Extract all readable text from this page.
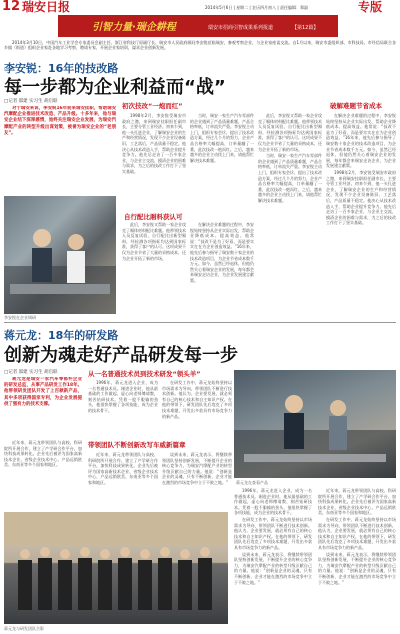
12 瑞安日报	2014年5月6日 | 星期二 | 农历四月初八 | 责任编辑：郑淑	专版
引智力量·瑞企耕程	瑞安市招商引智成果系列报道	【第12篇】

2014年3月10日，中国汽车工业学会专家委员会副主任、浙江省科技厅原副厅长、瑞安市人民政府顾问李安锐莅临瑞安，参观考察企业，与企业家座谈交流。自1月以来，瑞安市委组织部、市科技局、市经信局联合各乡镇（街道）组织企业家赴各地学习考察，聘请专家，开展企业家培训，谋求企业创新发展。

李安锐：16年的技改路
每一步都为企业利益而“战”
□记者 邵建 实习生 胡启联

对于瑞安来说，李安锐16年前来瑞安挂职，帮助瑞安汽摩配企业推进技术改造、产品升级。十多年来，他与瑞安企业结下深厚感情，始终关注瑞安企业发展，为瑞安汽摩配产业的转型升级出谋划策，被誉为瑞安企业的“老朋友”。

李安锐在企业调研
初次技改“一炮而红”	破解难题节省成本
自行配比厢料获认可

1998年2月，李安锐受瑞安市政府之邀，来到瑞安挂职担任副市长，主要分管工业经济。初来乍到，他一头扎进企业，了解瑞安企业的生产和经营情况，发现不少企业设备陈旧，工艺落后，产品质量不稳定。他决心从技术改造入手，帮助企业提升竞争力。他先后走访了一百多家企业，与企业主交流，摸清企业的困难与需求，为之后的技改工作打下了坚实基础。

当时，瑞安一家生产汽车零部件的企业遇到了产品质量难题，产品合格率低，订单流失严重。李安锐主动上门，组织专家会诊，提出了技术改造方案，经过几个月的努力，企业产品合格率大幅提高，订单量翻了一番，此次技改一炮而红。之后，越来越多的企业主动找上门来，请他帮忙解决技术难题。

此后，李安锐又帮助一家企业攻克了厢体材料配比难题。他带领技术人员反复试验，自行配比出新型厢料，经检测各项指标均达到国家标准，获得了客户的认可。这项成果不仅为企业节省了大量的采购成本，还为企业开拓了新的市场。

当时，瑞安一家生产汽车零部件的企业遇到了产品质量难题，产品合格率低，订单流失严重。李安锐主动上门，组织专家会诊，提出了技术改造方案，经过几个月的努力，企业产品合格率大幅提高，订单量翻了一番，此次技改一炮而红。之后，越来越多的企业主动找上门来，请他帮忙解决技术难题。

在解决企业难题的过程中，李安锐始终坚持从企业实际出发，帮助企业降低成本、提高效益。他常说：“技改不是为了好看，而是要实实在在为企业创造效益。”16年来，他先后参与指导了瑞安数十家企业的技术改造项目，为企业节省成本数千万元。如今，虽然已经退休，但他仍然关心着瑞安企业的发展，每年都会来瑞安走访企业，为企业发展建言献策。

1998年2月，李安锐受瑞安市政府之邀，来到瑞安挂职担任副市长，主要分管工业经济。初来乍到，他一头扎进企业，了解瑞安企业的生产和经营情况，发现不少企业设备陈旧，工艺落后，产品质量不稳定。他决心从技术改造入手，帮助企业提升竞争力。他先后走访了一百多家企业，与企业主交流，摸清企业的困难与需求，为之后的技改工作打下了坚实基础。

此后，李安锐又帮助一家企业攻克了厢体材料配比难题。他带领技术人员反复试验，自行配比出新型厢料，经检测各项指标均达到国家标准，获得了客户的认可。这项成果不仅为企业节省了大量的采购成本，还为企业开拓了新的市场。

在解决企业难题的过程中，李安锐始终坚持从企业实际出发，帮助企业降低成本、提高效益。他常说：“技改不是为了好看，而是要实实在在为企业创造效益。”16年来，他先后参与指导了瑞安数十家企业的技术改造项目，为企业节省成本数千万元。如今，虽然已经退休，但他仍然关心着瑞安企业的发展，每年都会来瑞安走访企业，为企业发展建言献策。

蒋元龙：18年的研发路
创新为魂走好产品研发每一步
□记者 邵建 实习生 胡启联

蒋元龙是瑞安一家汽车零部件企业的研发总监，从事产品研发工作18年。他带领研发团队开发了上百款新产品，其中多项获得国家专利，为企业发展提供了强有力的技术支撑。

从一名普通技术员到技术研发“领头羊”

1996年，蒋元龙进入企业，成为一名普通技术员。刚进企业时，他从最基础的工作做起，虚心向老师傅请教，刻苦钻研技术。凭着一股不服输的劲头，他很快掌握了各项技能，成为企业的技术骨干。

在研发工作中，蒋元龙始终坚持以市场需求为导向，带领团队不断进行技术创新。他认为，企业要发展，就必须有自己的核心技术和自主知识产权。在他的带领下，研发团队先后攻克了多项技术难题，开发出多款具有市场竞争力的新产品。

蒋元龙在查看产品
带领团队不断创新改写车威新篇章

近年来，蒋元龙带领团队与高校、科研院所开展合作，建立了产学研合作平台，加快科技成果转化。企业先后被评为国家高新技术企业、省级企业技术中心，产品远销欧美、东南亚等多个国家和地区。

近年来，蒋元龙带领团队与高校、科研院所开展合作，建立了产学研合作平台，加快科技成果转化。企业先后被评为国家高新技术企业、省级企业技术中心，产品远销欧美、东南亚等多个国家和地区。

谈到未来，蒋元龙表示，将继续带领团队坚持创新发展，不断提升企业的核心竞争力，为瑞安汽摩配产业的转型升级贡献自己的力量。他说：“创新是企业的灵魂，只有不断创新，企业才能在激烈的市场竞争中立于不败之地。”

蒋元龙与研发团队合影

1996年，蒋元龙进入企业，成为一名普通技术员。刚进企业时，他从最基础的工作做起，虚心向老师傅请教，刻苦钻研技术。凭着一股不服输的劲头，他很快掌握了各项技能，成为企业的技术骨干。

在研发工作中，蒋元龙始终坚持以市场需求为导向，带领团队不断进行技术创新。他认为，企业要发展，就必须有自己的核心技术和自主知识产权。在他的带领下，研发团队先后攻克了多项技术难题，开发出多款具有市场竞争力的新产品。

谈到未来，蒋元龙表示，将继续带领团队坚持创新发展，不断提升企业的核心竞争力，为瑞安汽摩配产业的转型升级贡献自己的力量。他说：“创新是企业的灵魂，只有不断创新，企业才能在激烈的市场竞争中立于不败之地。”

近年来，蒋元龙带领团队与高校、科研院所开展合作，建立了产学研合作平台，加快科技成果转化。企业先后被评为国家高新技术企业、省级企业技术中心，产品远销欧美、东南亚等多个国家和地区。

在研发工作中，蒋元龙始终坚持以市场需求为导向，带领团队不断进行技术创新。他认为，企业要发展，就必须有自己的核心技术和自主知识产权。在他的带领下，研发团队先后攻克了多项技术难题，开发出多款具有市场竞争力的新产品。

谈到未来，蒋元龙表示，将继续带领团队坚持创新发展，不断提升企业的核心竞争力，为瑞安汽摩配产业的转型升级贡献自己的力量。他说：“创新是企业的灵魂，只有不断创新，企业才能在激烈的市场竞争中立于不败之地。”
